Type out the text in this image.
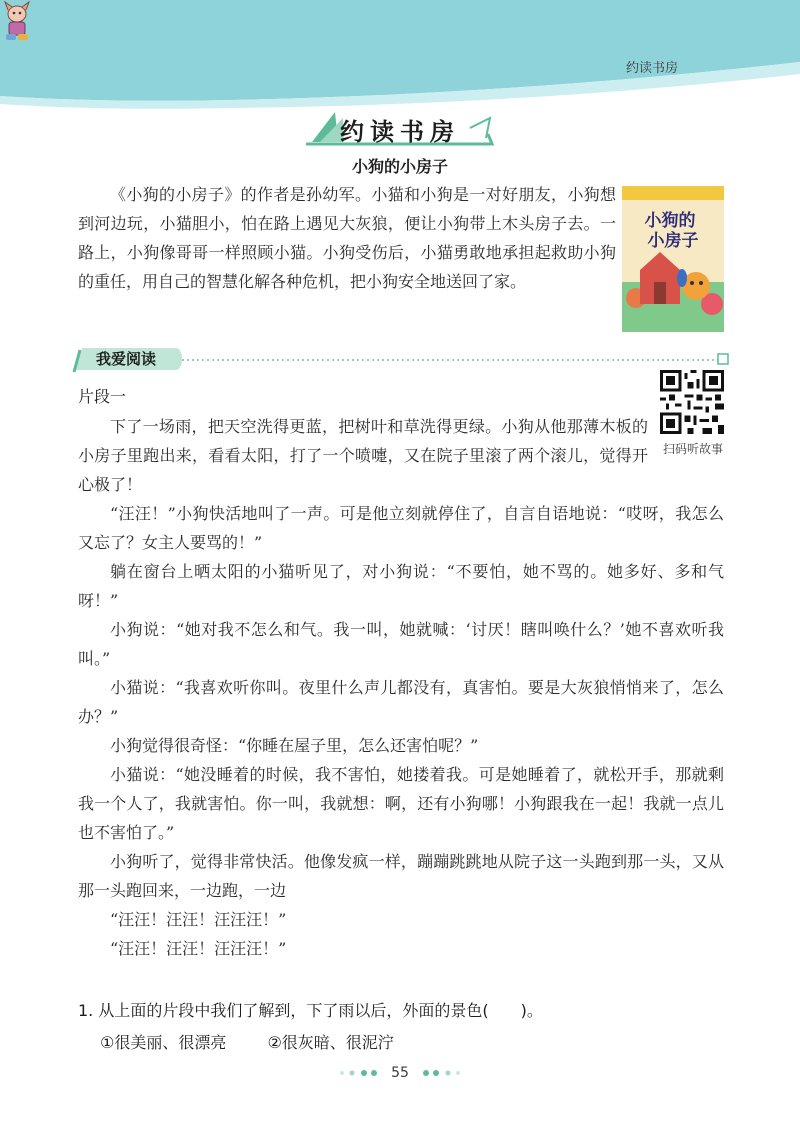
约读书房
约读书房
小狗的小房子

《小狗的小房子》的作者是孙幼军。小猫和小狗是一对好朋友，小狗想到河边玩，小猫胆小，怕在路上遇见大灰狼，便让小狗带上木头房子去。一路上，小狗像哥哥一样照顾小猫。小狗受伤后，小猫勇敢地承担起救助小狗的重任，用自己的智慧化解各种危机，把小狗安全地送回了家。

小狗的 小房子
我爱阅读
片段一
扫码听故事

下了一场雨，把天空洗得更蓝，把树叶和草洗得更绿。小狗从他那薄木板的小房子里跑出来，看看太阳，打了一个喷嚏，又在院子里滚了两个滚儿，觉得开心极了！

“汪汪！”小狗快活地叫了一声。可是他立刻就停住了，自言自语地说：“哎呀，我怎么又忘了？女主人要骂的！”

躺在窗台上晒太阳的小猫听见了，对小狗说：“不要怕，她不骂的。她多好、多和气呀！”

小狗说：“她对我不怎么和气。我一叫，她就喊：‘讨厌！瞎叫唤什么？’她不喜欢听我叫。”

小猫说：“我喜欢听你叫。夜里什么声儿都没有，真害怕。要是大灰狼悄悄来了，怎么办？”

小狗觉得很奇怪：“你睡在屋子里，怎么还害怕呢？”

小猫说：“她没睡着的时候，我不害怕，她搂着我。可是她睡着了，就松开手，那就剩我一个人了，我就害怕。你一叫，我就想：啊，还有小狗哪！小狗跟我在一起！我就一点儿也不害怕了。”

小狗听了，觉得非常快活。他像发疯一样，蹦蹦跳跳地从院子这一头跑到那一头，又从那一头跑回来，一边跑，一边

“汪汪！汪汪！汪汪汪！”

“汪汪！汪汪！汪汪汪！”

1. 从上面的片段中我们了解到，下了雨以后，外面的景色(　　)。

①很美丽、很漂亮	②很灰暗、很泥泞
55
